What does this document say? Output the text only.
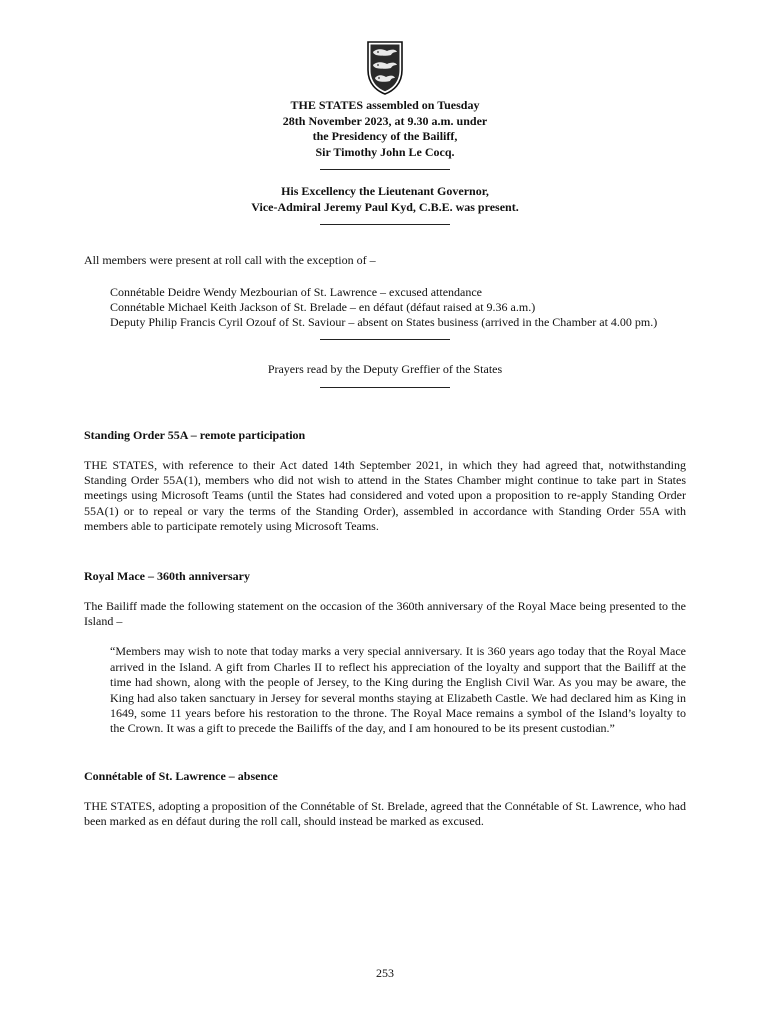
THE STATES assembled on Tuesday
28th November 2023, at 9.30 a.m. under
the Presidency of the Bailiff,
Sir Timothy John Le Cocq.
His Excellency the Lieutenant Governor,
Vice-Admiral Jeremy Paul Kyd, C.B.E. was present.
All members were present at roll call with the exception of –
Connétable Deidre Wendy Mezbourian of St. Lawrence – excused attendance
Connétable Michael Keith Jackson of St. Brelade – en défaut (défaut raised at 9.36 a.m.)
Deputy Philip Francis Cyril Ozouf of St. Saviour – absent on States business (arrived in the Chamber at 4.00 pm.)
Prayers read by the Deputy Greffier of the States
Standing Order 55A – remote participation

THE STATES, with reference to their Act dated 14th September 2021, in which they had agreed that, notwithstanding Standing Order 55A(1), members who did not wish to attend in the States Chamber might continue to take part in States meetings using Microsoft Teams (until the States had considered and voted upon a proposition to re-apply Standing Order 55A(1) or to repeal or vary the terms of the Standing Order), assembled in accordance with Standing Order 55A with members able to participate remotely using Microsoft Teams.

Royal Mace – 360th anniversary

The Bailiff made the following statement on the occasion of the 360th anniversary of the Royal Mace being presented to the Island –

“Members may wish to note that today marks a very special anniversary. It is 360 years ago today that the Royal Mace arrived in the Island. A gift from Charles II to reflect his appreciation of the loyalty and support that the Bailiff at the time had shown, along with the people of Jersey, to the King during the English Civil War. As you may be aware, the King had also taken sanctuary in Jersey for several months staying at Elizabeth Castle. We had declared him as King in 1649, some 11 years before his restoration to the throne. The Royal Mace remains a symbol of the Island’s loyalty to the Crown. It was a gift to precede the Bailiffs of the day, and I am honoured to be its present custodian.”

Connétable of St. Lawrence – absence

THE STATES, adopting a proposition of the Connétable of St. Brelade, agreed that the Connétable of St. Lawrence, who had been marked as en défaut during the roll call, should instead be marked as excused.

253
